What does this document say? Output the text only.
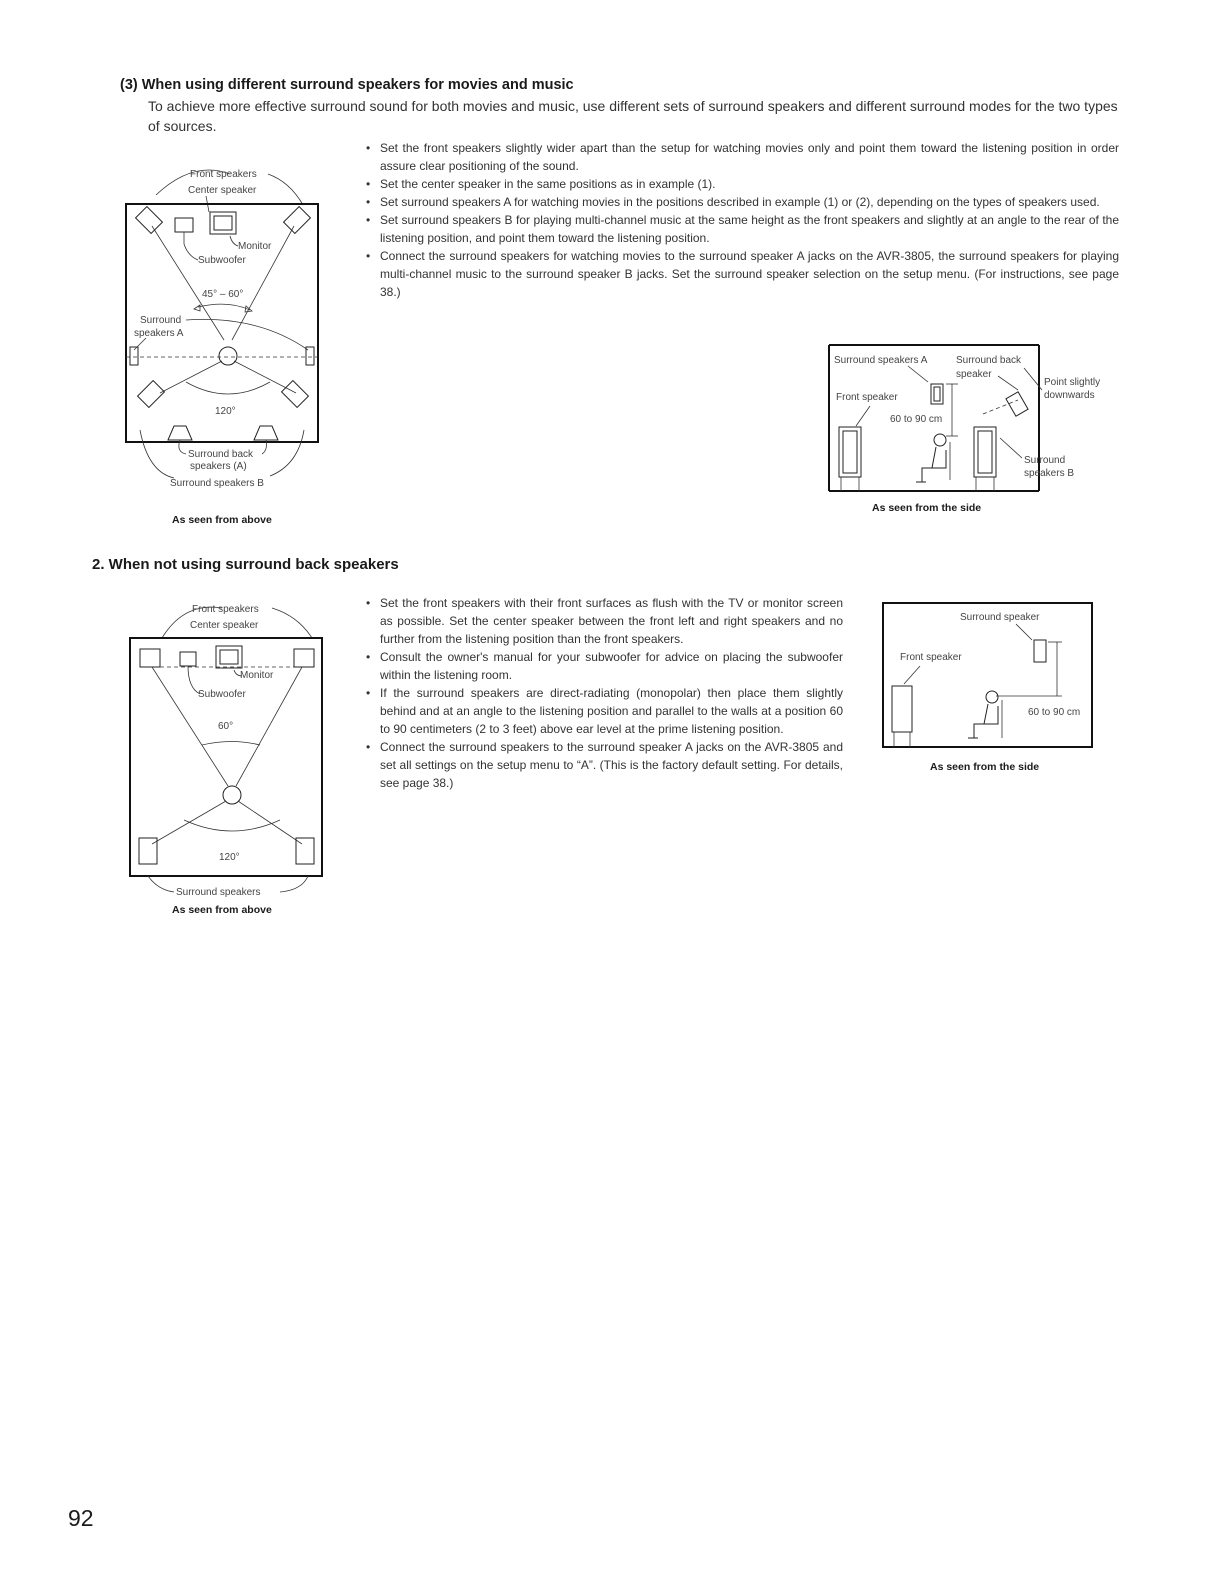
(3) When using different surround speakers for movies and music
To achieve more effective surround sound for both movies and music, use different sets of surround speakers and different surround modes for the two types of sources.
• Set the front speakers slightly wider apart than the setup for watching movies only and point them toward the listening position in order assure clear positioning of the sound.
• Set the center speaker in the same positions as in example (1).
• Set surround speakers A for watching movies in the positions described in example (1) or (2), depending on the types of speakers used.
• Set surround speakers B for playing multi-channel music at the same height as the front speakers and slightly at an angle to the rear of the listening position, and point them toward the listening position.
• Connect the surround speakers for watching movies to the surround speaker A jacks on the AVR-3805, the surround speakers for playing multi-channel music to the surround speaker B jacks. Set the surround speaker selection on the setup menu. (For instructions, see page 38.)
Front speakers
Center speaker
Monitor
Subwoofer
45° – 60°
Surround
speakers A
120°
Surround back
speakers (A)
Surround speakers B
As seen from above
Surround speakers A	Surround back
speaker
Front speaker
60 to 90 cm
Point slightly
downwards
Surround
speakers B
As seen from the side
2. When not using surround back speakers
• Set the front speakers with their front surfaces as flush with the TV or monitor screen as possible. Set the center speaker between the front left and right speakers and no further from the listening position than the front speakers.
• Consult the owner's manual for your subwoofer for advice on placing the subwoofer within the listening room.
• If the surround speakers are direct-radiating (monopolar) then place them slightly behind and at an angle to the listening position and parallel to the walls at a position 60 to 90 centimeters (2 to 3 feet) above ear level at the prime listening position.
• Connect the surround speakers to the surround speaker A jacks on the AVR-3805 and set all settings on the setup menu to “A”. (This is the factory default setting. For details, see page 38.)
Front speakers
Center speaker
Monitor
Subwoofer
60°
120°
Surround speakers
As seen from above
Surround speaker
Front speaker
60 to 90 cm
As seen from the side
92
